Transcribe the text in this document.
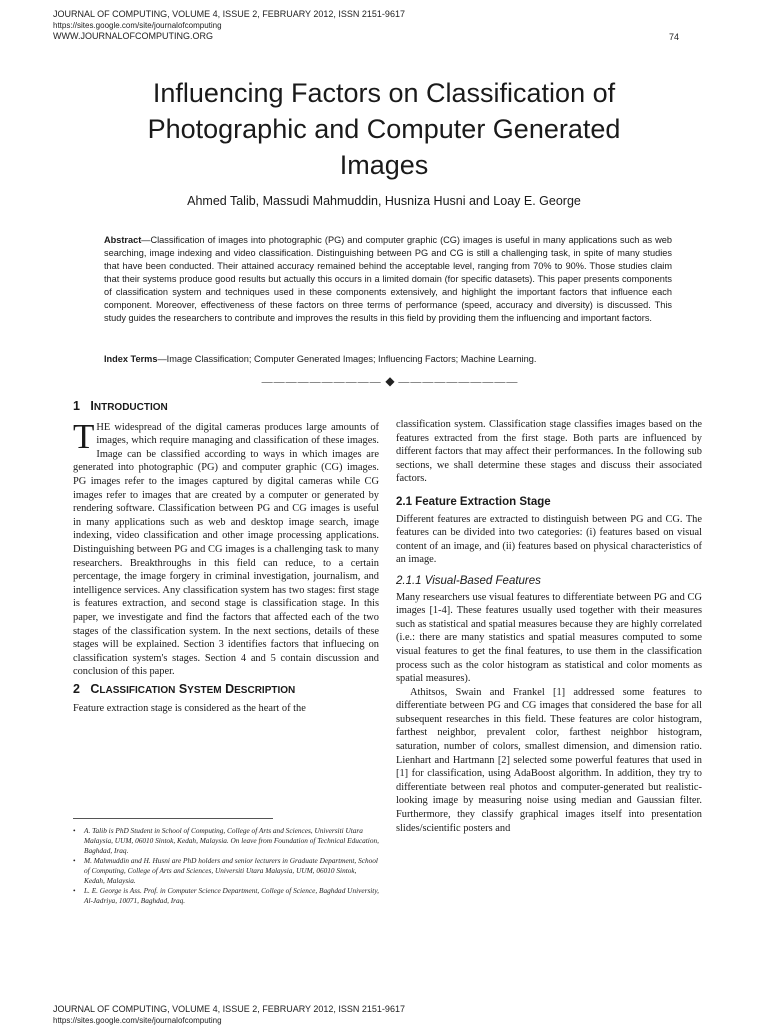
JOURNAL OF COMPUTING, VOLUME 4, ISSUE 2, FEBRUARY 2012, ISSN 2151-9617
https://sites.google.com/site/journalofcomputing
WWW.JOURNALOFCOMPUTING.ORG	74
Influencing Factors on Classification of
Photographic and Computer Generated
Images
Ahmed Talib, Massudi Mahmuddin, Husniza Husni and Loay E. George
Abstract—Classification of images into photographic (PG) and computer graphic (CG) images is useful in many applications such as web searching, image indexing and video classification. Distinguishing between PG and CG is still a challenging task, in spite of many studies that have been conducted. Their attained accuracy remained behind the acceptable level, ranging from 70% to 90%. Those studies claim that their systems produce good results but actually this occurs in a limited domain (for specific datasets). This paper presents components of classification system and techniques used in these components extensively, and highlight the important factors that influence each component. Moreover, effectiveness of these factors on three terms of performance (speed, accuracy and diversity) is discussed. This study guides the researchers to contribute and improves the results in this field by providing them the influencing and important factors.
Index Terms—Image Classification; Computer Generated Images; Influencing Factors; Machine Learning.
—————————— ◆ ——————————
1 INTRODUCTION

THE widespread of the digital cameras produces large amounts of images, which require managing and classification of these images. Image can be classified according to ways in which images are generated into photographic (PG) and computer graphic (CG) images. PG images refer to the images captured by digital cameras while CG images refer to images that are created by a computer or generated by rendering software. Classification between PG and CG images is useful in many applications such as web and desktop image search, image indexing, video classification and other image processing applications. Distinguishing between PG and CG images is a challenging task to many researchers. Breakthroughs in this field can reduce, to a certain percentage, the image forgery in criminal investigation, journalism, and intelligence services. Any classification system has two stages: first stage is features extraction, and second stage is classification stage. In this paper, we investigate and find the factors that affected each of the two stages of the classification system. In the next sections, details of these stages will be explained. Section 3 identifies factors that influecing on classification system's stages. Section 4 and 5 contain discussion and conclusion of this paper.

2 CLASSIFICATION SYSTEM DESCRIPTION

Feature extraction stage is considered as the heart of the

• A. Talib is PhD Student in School of Computing, College of Arts and Sciences, Universiti Utara Malaysia, UUM, 06010 Sintok, Kedah, Malaysia. On leave from Foundation of Technical Education, Baghdad, Iraq.
• M. Mahmuddin and H. Husni are PhD holders and senior lecturers in Graduate Department, School of Computing, College of Arts and Sciences, Universiti Utara Malaysia, UUM, 06010 Sintok, Kedah, Malaysia.
• L. E. George is Ass. Prof. in Computer Science Department, College of Science, Baghdad University, Al-Jadriya, 10071, Baghdad, Iraq.

classification system. Classification stage classifies images based on the features extracted from the first stage. Both parts are influenced by different factors that may affect their performances. In the following sub sections, we shall determine these stages and discuss their associated factors.

2.1 Feature Extraction Stage

Different features are extracted to distinguish between PG and CG. The features can be divided into two categories: (i) features based on visual content of an image, and (ii) features based on physical characteristics of an image.

2.1.1 Visual-Based Features

Many researchers use visual features to differentiate between PG and CG images [1-4]. These features usually used together with their measures such as statistical and spatial measures because they are highly correlated (i.e.: there are many statistics and spatial measures computed to some visual features to get the final features, to use them in the classification process such as the color histogram as statistical and color moments as spatial measures).

Athitsos, Swain and Frankel [1] addressed some features to differentiate between PG and CG images that considered the base for all subsequent researches in this field. These features are color histogram, farthest neighbor, prevalent color, farthest neighbor histogram, saturation, number of colors, smallest dimension, and dimension ratio. Lienhart and Hartmann [2] selected some powerful features that used in [1] for classification, using AdaBoost algorithm. In addition, they try to differentiate between real photos and computer-generated but realistic-looking image by measuring noise using median and Gaussian filter. Furthermore, they classify graphical images itself into presentation slides/scientific posters and

JOURNAL OF COMPUTING, VOLUME 4, ISSUE 2, FEBRUARY 2012, ISSN 2151-9617
https://sites.google.com/site/journalofcomputing
